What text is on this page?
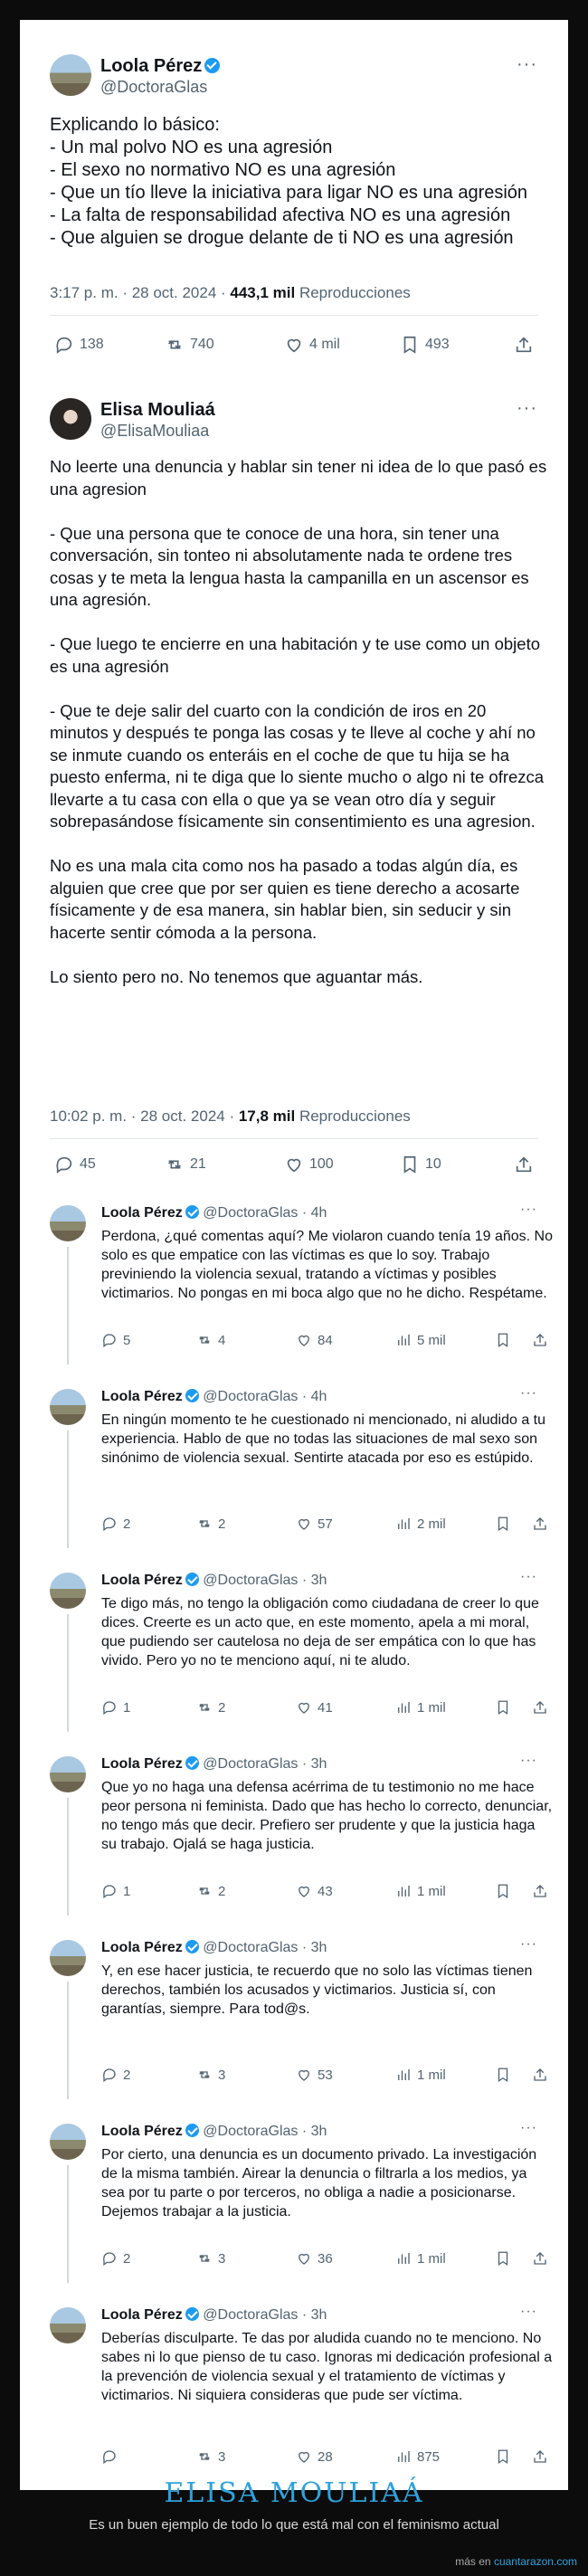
Loola Pérez
@DoctoraGlas
···
Explicando lo básico:
- Un mal polvo NO es una agresión
- El sexo no normativo NO es una agresión
- Que un tío lleve la iniciativa para ligar NO es una agresión
- La falta de responsabilidad afectiva NO es una agresión
- Que alguien se drogue delante de ti NO es una agresión
3:17 p. m. · 28 oct. 2024 · 443,1 mil Reproducciones
138	740	4 mil	493
Elisa Mouliaá
@ElisaMouliaa
···
No leerte una denuncia y hablar sin tener ni idea de lo que pasó es una agresion

- Que una persona que te conoce de una hora, sin tener una conversación, sin tonteo ni absolutamente nada te ordene tres cosas y te meta la lengua hasta la campanilla en un ascensor es una agresión.

- Que luego te encierre en una habitación y te use como un objeto es una agresión

- Que te deje salir del cuarto con la condición de iros en 20 minutos y después te ponga las cosas y te lleve al coche y ahí no se inmute cuando os enteráis en el coche de que tu hija se ha puesto enferma, ni te diga que lo siente mucho o algo ni te ofrezca llevarte a tu casa con ella o que ya se vean otro día y seguir sobrepasándose físicamente sin consentimiento es una agresion.

No es una mala cita como nos ha pasado a todas algún día, es alguien que cree que por ser quien es tiene derecho a acosarte físicamente y de esa manera, sin hablar bien, sin seducir y sin hacerte sentir cómoda a la persona.

Lo siento pero no. No tenemos que aguantar más.
10:02 p. m. · 28 oct. 2024 · 17,8 mil Reproducciones
45	21	100	10
Loola Pérez @DoctoraGlas · 4h	···
Perdona, ¿qué comentas aquí? Me violaron cuando tenía 19 años. No solo es que empatice con las víctimas es que lo soy. Trabajo previniendo la violencia sexual, tratando a víctimas y posibles victimarios. No pongas en mi boca algo que no he dicho. Respétame.
5	4	84	5 mil
Loola Pérez @DoctoraGlas · 4h	···
En ningún momento te he cuestionado ni mencionado, ni aludido a tu experiencia. Hablo de que no todas las situaciones de mal sexo son sinónimo de violencia sexual. Sentirte atacada por eso es estúpido.
2	2	57	2 mil
Loola Pérez @DoctoraGlas · 3h	···
Te digo más, no tengo la obligación como ciudadana de creer lo que dices. Creerte es un acto que, en este momento, apela a mi moral, que pudiendo ser cautelosa no deja de ser empática con lo que has vivido. Pero yo no te menciono aquí, ni te aludo.
1	2	41	1 mil
Loola Pérez @DoctoraGlas · 3h	···
Que yo no haga una defensa acérrima de tu testimonio no me hace peor persona ni feminista. Dado que has hecho lo correcto, denunciar, no tengo más que decir. Prefiero ser prudente y que la justicia haga su trabajo. Ojalá se haga justicia.
1	2	43	1 mil
Loola Pérez @DoctoraGlas · 3h	···
Y, en ese hacer justicia, te recuerdo que no solo las víctimas tienen derechos, también los acusados y victimarios. Justicia sí, con garantías, siempre. Para tod@s.
2	3	53	1 mil
Loola Pérez @DoctoraGlas · 3h	···
Por cierto, una denuncia es un documento privado. La investigación de la misma también. Airear la denuncia o filtrarla a los medios, ya sea por tu parte o por terceros, no obliga a nadie a posicionarse. Dejemos trabajar a la justicia.
2	3	36	1 mil
Loola Pérez @DoctoraGlas · 3h	···
Deberías disculparte. Te das por aludida cuando no te menciono. No sabes ni lo que pienso de tu caso. Ignoras mi dedicación profesional a la prevención de violencia sexual y el tratamiento de víctimas y victimarios. Ni siquiera consideras que pude ser víctima.
3	28	875
ELISA MOULIAÁ
Es un buen ejemplo de todo lo que está mal con el feminismo actual
más en cuantarazon.com
